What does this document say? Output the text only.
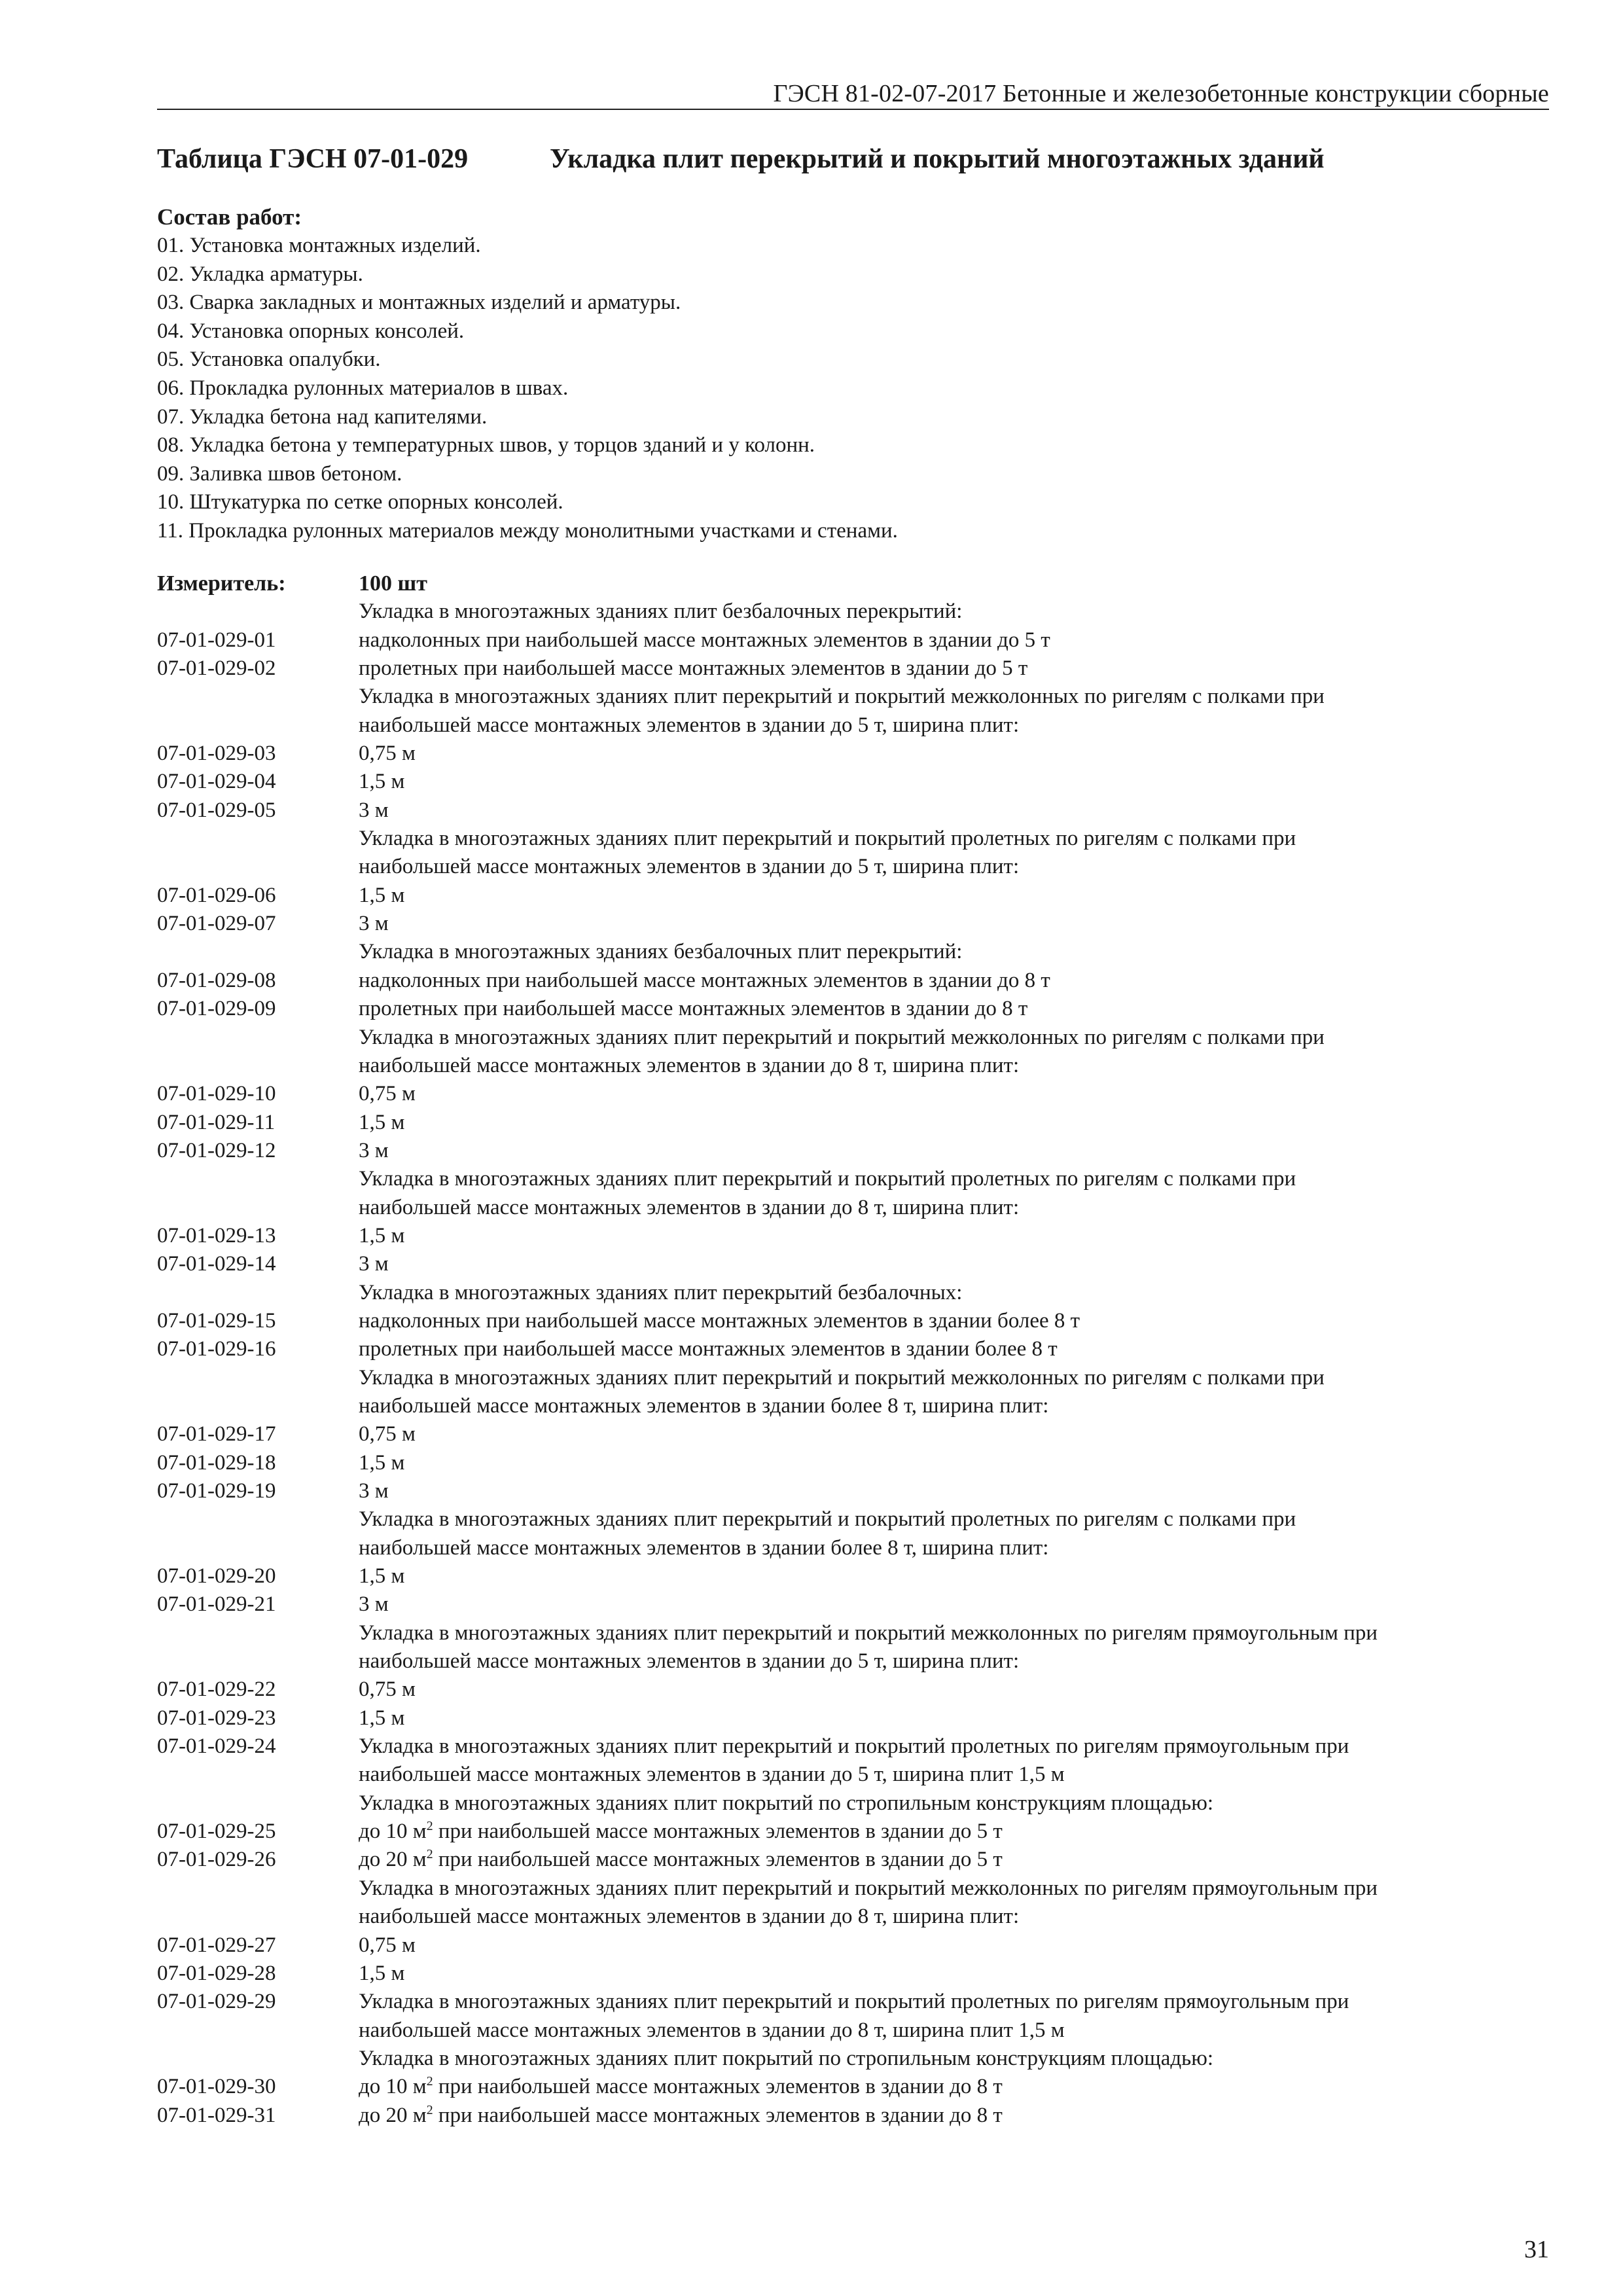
ГЭСН 81-02-07-2017 Бетонные и железобетонные конструкции сборные
Таблица ГЭСН 07-01-029	Укладка плит перекрытий и покрытий многоэтажных зданий
Состав работ:
01. Установка монтажных изделий.
02. Укладка арматуры.
03. Сварка закладных и монтажных изделий и арматуры.
04. Установка опорных консолей.
05. Установка опалубки.
06. Прокладка рулонных материалов в швах.
07. Укладка бетона над капителями.
08. Укладка бетона у температурных швов, у торцов зданий и у колонн.
09. Заливка швов бетоном.
10. Штукатурка по сетке опорных консолей.
11. Прокладка рулонных материалов между монолитными участками и стенами.
Измеритель:	100 шт
Укладка в многоэтажных зданиях плит безбалочных перекрытий:
07-01-029-01	надколонных при наибольшей массе монтажных элементов в здании до 5 т
07-01-029-02	пролетных при наибольшей массе монтажных элементов в здании до 5 т
Укладка в многоэтажных зданиях плит перекрытий и покрытий межколонных по ригелям с полками при
наибольшей массе монтажных элементов в здании до 5 т, ширина плит:
07-01-029-03	0,75 м
07-01-029-04	1,5 м
07-01-029-05	3 м
Укладка в многоэтажных зданиях плит перекрытий и покрытий пролетных по ригелям с полками при
наибольшей массе монтажных элементов в здании до 5 т, ширина плит:
07-01-029-06	1,5 м
07-01-029-07	3 м
Укладка в многоэтажных зданиях безбалочных плит перекрытий:
07-01-029-08	надколонных при наибольшей массе монтажных элементов в здании до 8 т
07-01-029-09	пролетных при наибольшей массе монтажных элементов в здании до 8 т
Укладка в многоэтажных зданиях плит перекрытий и покрытий межколонных по ригелям с полками при
наибольшей массе монтажных элементов в здании до 8 т, ширина плит:
07-01-029-10	0,75 м
07-01-029-11	1,5 м
07-01-029-12	3 м
Укладка в многоэтажных зданиях плит перекрытий и покрытий пролетных по ригелям с полками при
наибольшей массе монтажных элементов в здании до 8 т, ширина плит:
07-01-029-13	1,5 м
07-01-029-14	3 м
Укладка в многоэтажных зданиях плит перекрытий безбалочных:
07-01-029-15	надколонных при наибольшей массе монтажных элементов в здании более 8 т
07-01-029-16	пролетных при наибольшей массе монтажных элементов в здании более 8 т
Укладка в многоэтажных зданиях плит перекрытий и покрытий межколонных по ригелям с полками при
наибольшей массе монтажных элементов в здании более 8 т, ширина плит:
07-01-029-17	0,75 м
07-01-029-18	1,5 м
07-01-029-19	3 м
Укладка в многоэтажных зданиях плит перекрытий и покрытий пролетных по ригелям с полками при
наибольшей массе монтажных элементов в здании более 8 т, ширина плит:
07-01-029-20	1,5 м
07-01-029-21	3 м
Укладка в многоэтажных зданиях плит перекрытий и покрытий межколонных по ригелям прямоугольным при
наибольшей массе монтажных элементов в здании до 5 т, ширина плит:
07-01-029-22	0,75 м
07-01-029-23	1,5 м
07-01-029-24	Укладка в многоэтажных зданиях плит перекрытий и покрытий пролетных по ригелям прямоугольным при
наибольшей массе монтажных элементов в здании до 5 т, ширина плит 1,5 м
Укладка в многоэтажных зданиях плит покрытий по стропильным конструкциям площадью:
07-01-029-25	до 10 $м^2$ при наибольшей массе монтажных элементов в здании до 5 т
07-01-029-26	до 20 $м^2$ при наибольшей массе монтажных элементов в здании до 5 т
Укладка в многоэтажных зданиях плит перекрытий и покрытий межколонных по ригелям прямоугольным при
наибольшей массе монтажных элементов в здании до 8 т, ширина плит:
07-01-029-27	0,75 м
07-01-029-28	1,5 м
07-01-029-29	Укладка в многоэтажных зданиях плит перекрытий и покрытий пролетных по ригелям прямоугольным при
наибольшей массе монтажных элементов в здании до 8 т, ширина плит 1,5 м
Укладка в многоэтажных зданиях плит покрытий по стропильным конструкциям площадью:
07-01-029-30	до 10 $м^2$ при наибольшей массе монтажных элементов в здании до 8 т
07-01-029-31	до 20 $м^2$ при наибольшей массе монтажных элементов в здании до 8 т
31
